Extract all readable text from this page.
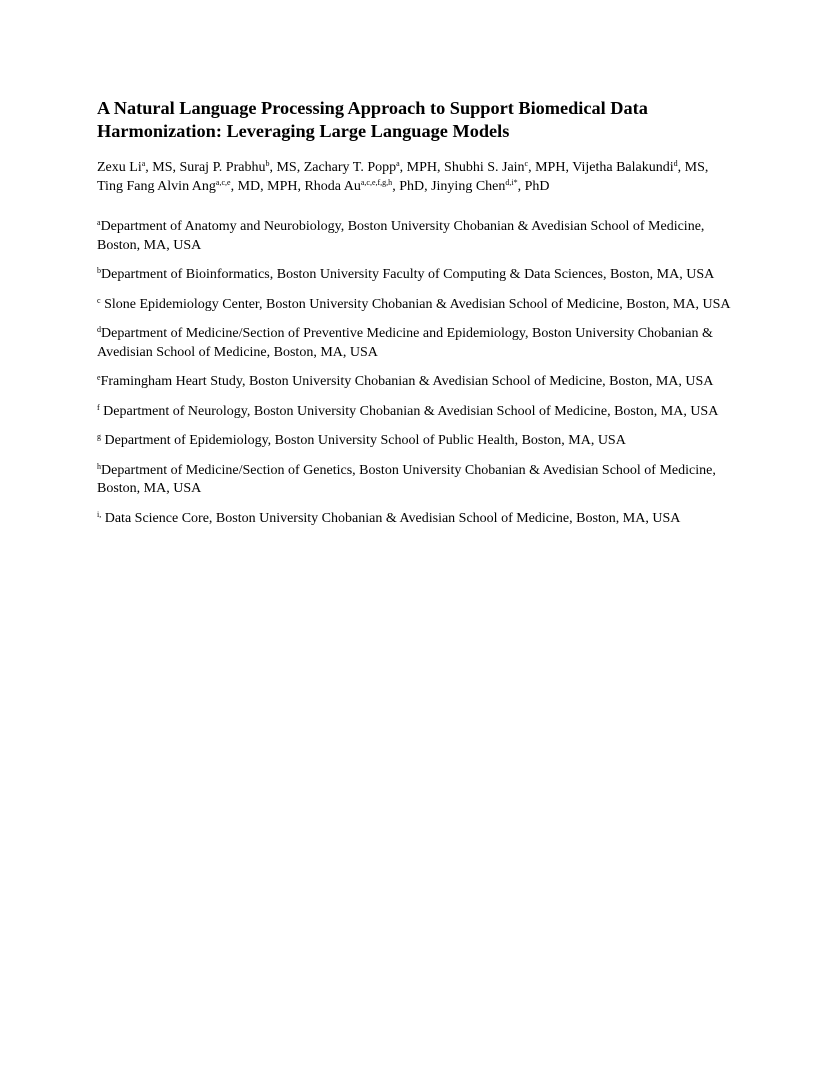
A Natural Language Processing Approach to Support Biomedical Data Harmonization: Leveraging Large Language Models
Zexu Li$^a$, MS, Suraj P. Prabhu$^b$, MS, Zachary T. Popp$^a$, MPH, Shubhi S. Jain$^c$, MPH, Vijetha Balakundi$^d$, MS,
Ting Fang Alvin Ang$^{a,c,e}$, MD, MPH, Rhoda Au$^{a,c,e,f,g,h}$, PhD, Jinying Chen$^{d,i*}$, PhD

$^a$Department of Anatomy and Neurobiology, Boston University Chobanian & Avedisian School of Medicine, Boston, MA, USA

$^b$Department of Bioinformatics, Boston University Faculty of Computing & Data Sciences, Boston, MA, USA

$^c$ Slone Epidemiology Center, Boston University Chobanian & Avedisian School of Medicine, Boston, MA, USA

$^d$Department of Medicine/Section of Preventive Medicine and Epidemiology, Boston University Chobanian & Avedisian School of Medicine, Boston, MA, USA

$^e$Framingham Heart Study, Boston University Chobanian & Avedisian School of Medicine, Boston, MA, USA

$^f$ Department of Neurology, Boston University Chobanian & Avedisian School of Medicine, Boston, MA, USA

$^g$ Department of Epidemiology, Boston University School of Public Health, Boston, MA, USA

$^h$Department of Medicine/Section of Genetics, Boston University Chobanian & Avedisian School of Medicine, Boston, MA, USA

$^{i,}$ Data Science Core, Boston University Chobanian & Avedisian School of Medicine, Boston, MA, USA
